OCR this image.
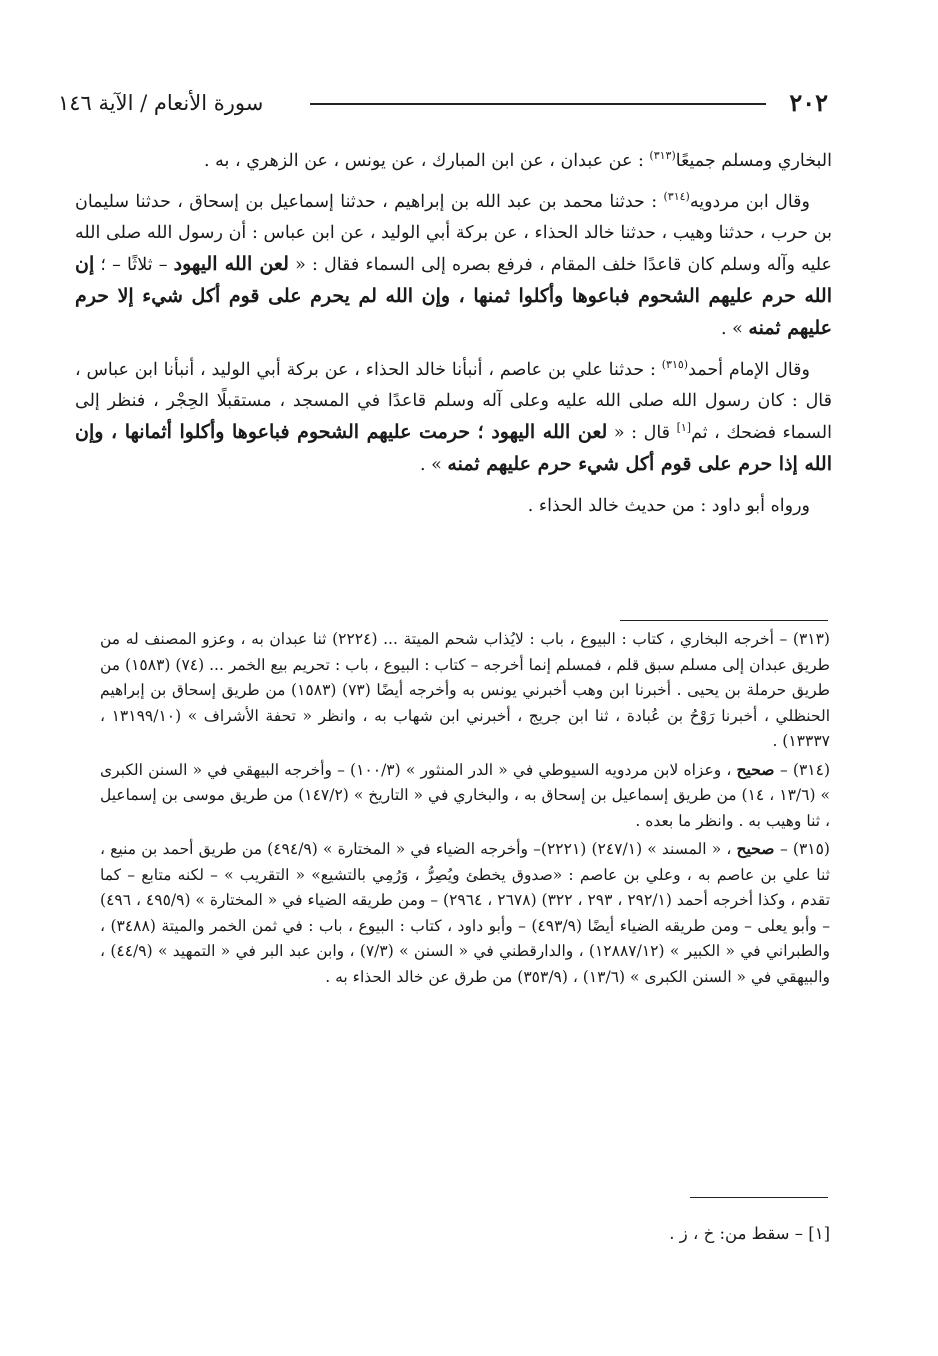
٢٠٢
سورة الأنعام / الآية ١٤٦

البخاري ومسلم جميعًا$^{(٣١٣)}$ : عن عبدان ، عن ابن المبارك ، عن يونس ، عن الزهري ، به .

وقال ابن مردويه$^{(٣١٤)}$ : حدثنا محمد بن عبد الله بن إبراهيم ، حدثنا إسماعيل بن إسحاق ، حدثنا سليمان بن حرب ، حدثنا وهيب ، حدثنا خالد الحذاء ، عن بركة أبي الوليد ، عن ابن عباس : أن رسول الله صلى الله عليه وآله وسلم كان قاعدًا خلف المقام ، فرفع بصره إلى السماء فقال : « لعن الله اليهود – ثلاثًا – ؛ إن الله حرم عليهم الشحوم فباعوها وأكلوا ثمنها ، وإن الله لم يحرم على قوم أكل شيء إلا حرم عليهم ثمنه » .

وقال الإمام أحمد$^{(٣١٥)}$ : حدثنا علي بن عاصم ، أنبأنا خالد الحذاء ، عن بركة أبي الوليد ، أنبأنا ابن عباس ، قال : كان رسول الله صلى الله عليه وعلى آله وسلم قاعدًا في المسجد ، مستقبلًا الحِجْر ، فنظر إلى السماء فضحك ، ثم[١] قال : « لعن الله اليهود ؛ حرمت عليهم الشحوم فباعوها وأكلوا أثمانها ، وإن الله إذا حرم على قوم أكل شيء حرم عليهم ثمنه » .

ورواه أبو داود : من حديث خالد الحذاء .

(٣١٣) – أخرجه البخاري ، كتاب : البيوع ، باب : لايُذاب شحم الميتة ... (٢٢٢٤) ثنا عبدان به ، وعزو المصنف له من طريق عبدان إلى مسلم سبق قلم ، فمسلم إنما أخرجه – كتاب : البيوع ، باب : تحريم بيع الخمر ... (٧٤) (١٥٨٣) من طريق حرملة بن يحيى . أخبرنا ابن وهب أخبرني يونس به وأخرجه أيضًا (٧٣) (١٥٨٣) من طريق إسحاق بن إبراهيم الحنظلي ، أخبرنا رَوْحُ بن عُبادة ، ثنا ابن جريج ، أخبرني ابن شهاب به ، وانظر « تحفة الأشراف » (١٣١٩٩/١٠ ، ١٣٣٣٧) .

(٣١٤) – صحيح ، وعزاه لابن مردويه السيوطي في « الدر المنثور » (١٠٠/٣) – وأخرجه البيهقي في « السنن الكبرى » (١٣/٦ ، ١٤) من طريق إسماعيل بن إسحاق به ، والبخاري في « التاريخ » (١٤٧/٢) من طريق موسى بن إسماعيل ، ثنا وهيب به . وانظر ما بعده .

(٣١٥) – صحيح ، « المسند » (٢٤٧/١) (٢٢٢١)– وأخرجه الضياء في « المختارة » (٤٩٤/٩) من طريق أحمد بن منيع ، ثنا علي بن عاصم به ، وعلي بن عاصم : «صدوق يخطئ ويُصِرُّ ، وَرُمِي بالتشيع» « التقريب » – لكنه متابع – كما تقدم ، وكذا أخرجه أحمد (٢٩٢/١ ، ٢٩٣ ، ٣٢٢) (٢٦٧٨ ، ٢٩٦٤) – ومن طريقه الضياء في « المختارة » (٤٩٥/٩ ، ٤٩٦) – وأبو يعلى – ومن طريقه الضياء أيضًا (٤٩٣/٩) – وأبو داود ، كتاب : البيوع ، باب : في ثمن الخمر والميتة (٣٤٨٨) ، والطبراني في « الكبير » (١٢٨٨٧/١٢) ، والدارقطني في « السنن » (٧/٣) ، وابن عبد البر في « التمهيد » (٤٤/٩) ، والبيهقي في « السنن الكبرى » (١٣/٦) ، (٣٥٣/٩) من طرق عن خالد الحذاء به .

[١] – سقط من: خ ، ز .
